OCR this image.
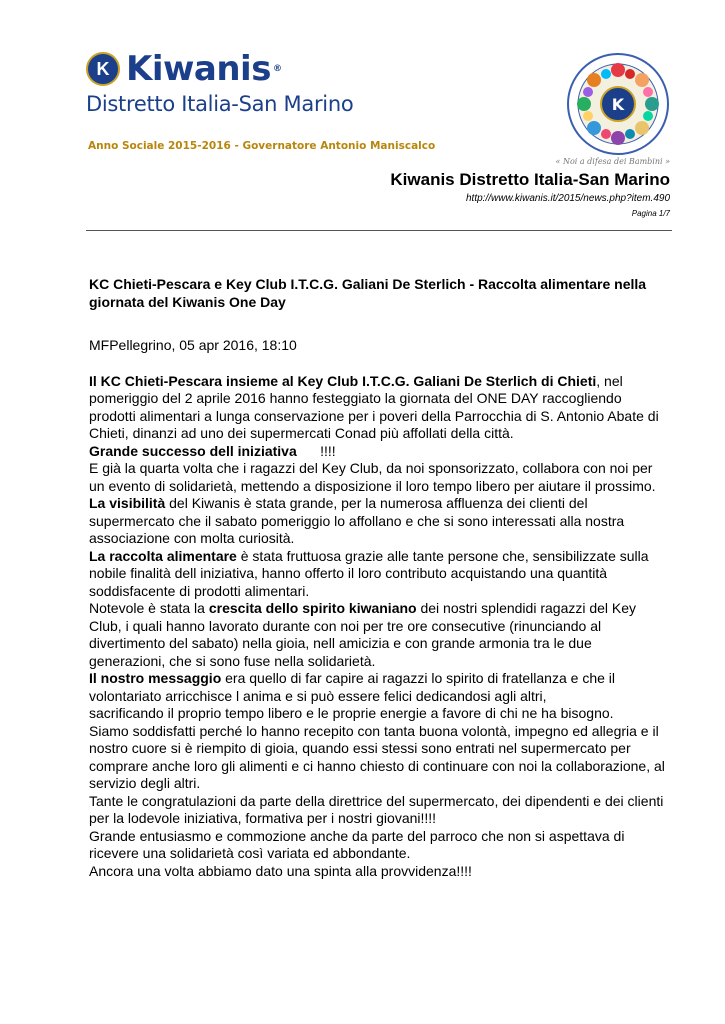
K Kiwanis ®
Distretto Italia-San Marino
Anno Sociale 2015-2016 - Governatore Antonio Maniscalco
K
« Noi a difesa dei Bambini »
Kiwanis Distretto Italia-San Marino
http://www.kiwanis.it/2015/news.php?item.490
Pagina 1/7

KC Chieti-Pescara e Key Club I.T.C.G. Galiani De Sterlich - Raccolta alimentare nella giornata del Kiwanis One Day

MFPellegrino, 05 apr 2016, 18:10

Il KC Chieti-Pescara insieme al Key Club I.T.C.G. Galiani De Sterlich di Chieti, nel pomeriggio del 2 aprile 2016 hanno festeggiato la giornata del ONE DAY raccogliendo prodotti alimentari a lunga conservazione per i poveri della Parrocchia di S. Antonio Abate di Chieti, dinanzi ad uno dei supermercati Conad più affollati della città.

Grande successo dell iniziativa      !!!!

E già la quarta volta che i ragazzi del Key Club, da noi sponsorizzato, collabora con noi per un evento di solidarietà, mettendo a disposizione il loro tempo libero per aiutare il prossimo.

La visibilità del Kiwanis è stata grande, per la numerosa affluenza dei clienti del supermercato che il sabato pomeriggio lo affollano e che si sono interessati alla nostra associazione con molta curiosità.

La raccolta alimentare è stata fruttuosa grazie alle tante persone che, sensibilizzate sulla nobile finalità dell iniziativa, hanno offerto il loro contributo acquistando una quantità soddisfacente di prodotti alimentari.

Notevole è stata la crescita dello spirito kiwaniano dei nostri splendidi ragazzi del Key Club, i quali hanno lavorato durante con noi per tre ore consecutive (rinunciando al divertimento del sabato) nella gioia, nell amicizia e con grande armonia tra le due generazioni, che si sono fuse nella solidarietà.

Il nostro messaggio era quello di far capire ai ragazzi lo spirito di fratellanza e che il volontariato arricchisce l anima e si può essere felici dedicandosi agli altri,

sacrificando il proprio tempo libero e le proprie energie a favore di chi ne ha bisogno.

Siamo soddisfatti perché lo hanno recepito con tanta buona volontà, impegno ed allegria e il nostro cuore si è riempito di gioia, quando essi stessi sono entrati nel supermercato per comprare anche loro gli alimenti e ci hanno chiesto di continuare con noi la collaborazione, al servizio degli altri.

Tante le congratulazioni da parte della direttrice del supermercato, dei dipendenti e dei clienti per la lodevole iniziativa, formativa per i nostri giovani!!!!

Grande entusiasmo e commozione anche da parte del parroco che non si aspettava di ricevere una solidarietà così variata ed abbondante.

Ancora una volta abbiamo dato una spinta alla provvidenza!!!!
